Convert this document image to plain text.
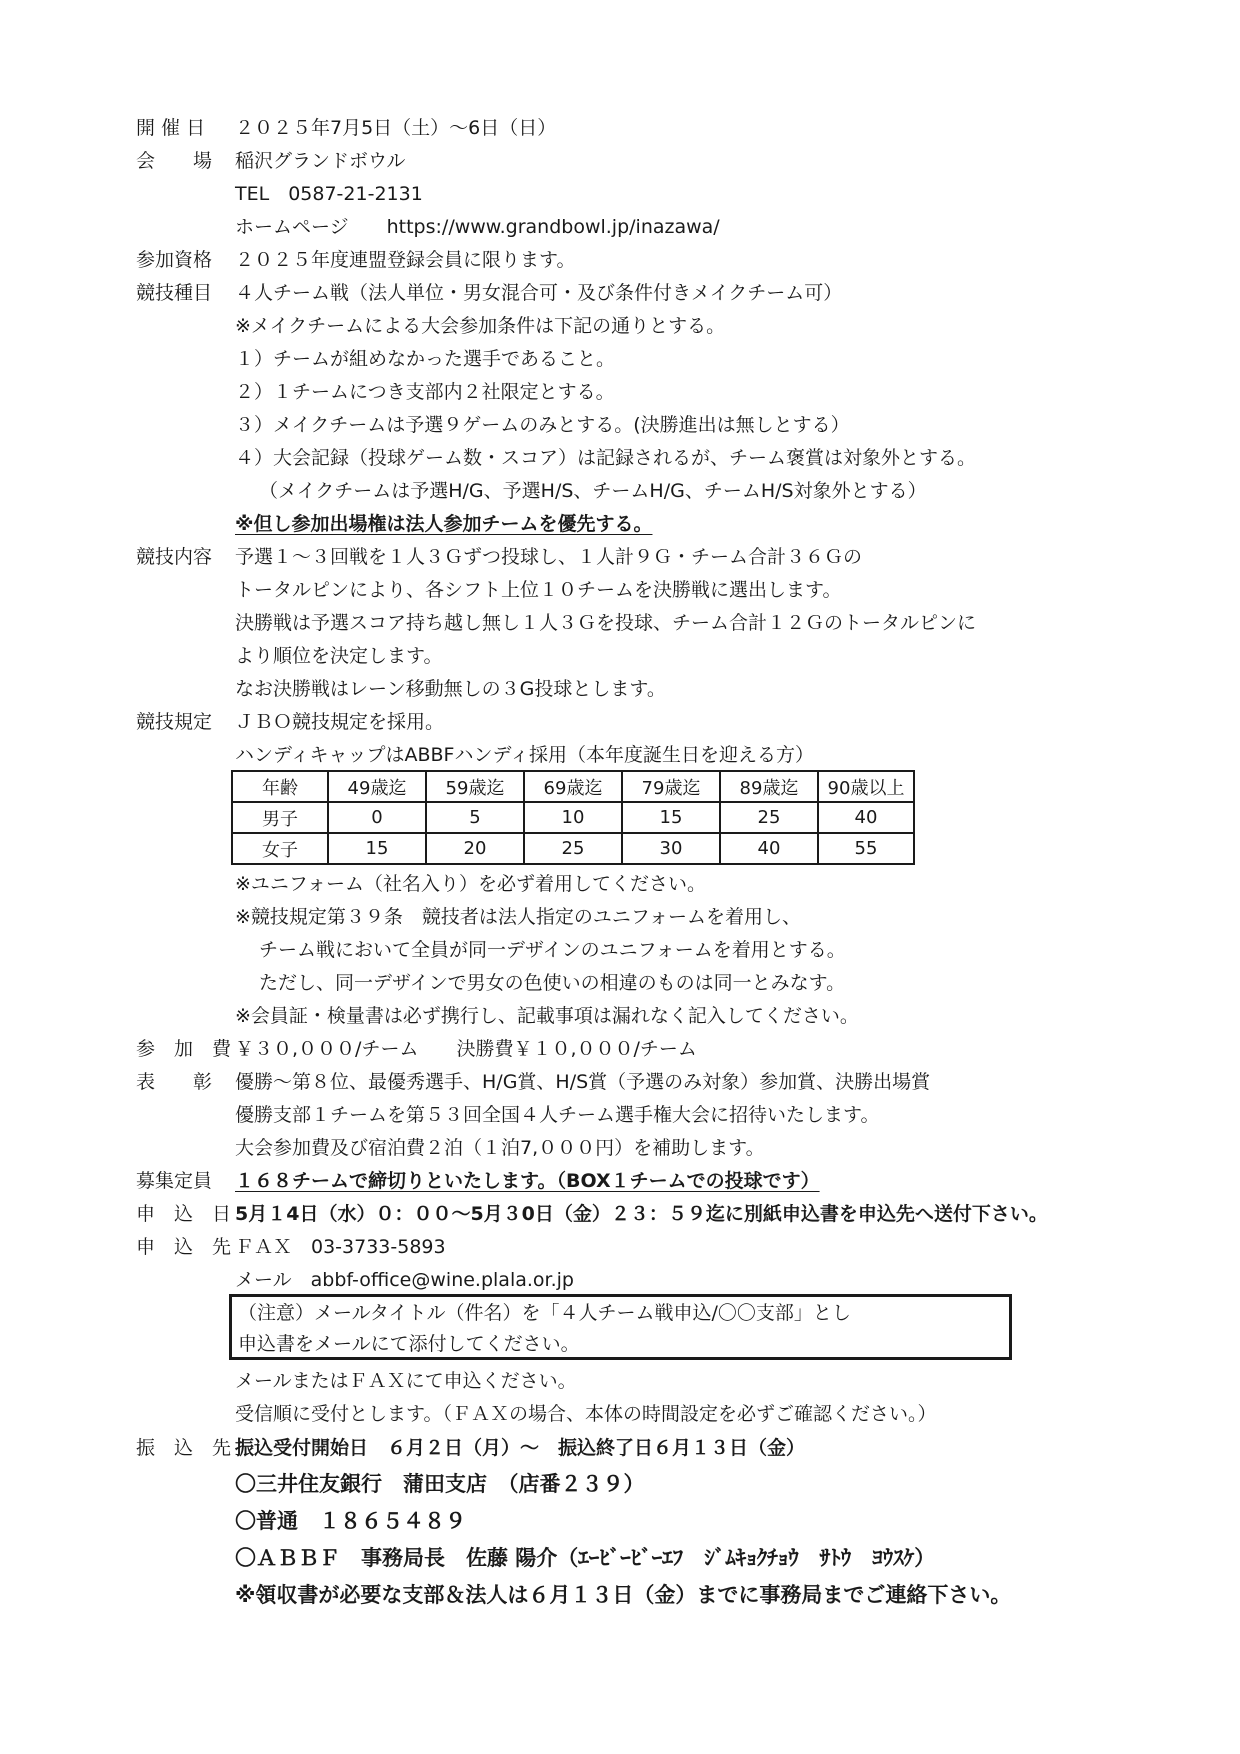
開 催 日	２０２５年7月5日（土）～6日（日）
会　　場	稲沢グランドボウル
TEL　0587-21-2131
ホームページ　　https://www.grandbowl.jp/inazawa/
参加資格	２０２５年度連盟登録会員に限ります。
競技種目	４人チーム戦（法人単位・男女混合可・及び条件付きメイクチーム可）
※メイクチームによる大会参加条件は下記の通りとする。
１）チームが組めなかった選手であること。
２）１チームにつき支部内２社限定とする。
３）メイクチームは予選９ゲームのみとする。(決勝進出は無しとする）
４）大会記録（投球ゲーム数・スコア）は記録されるが、チーム褒賞は対象外とする。
（メイクチームは予選H/G、予選H/S、チームH/G、チームH/S対象外とする）
※但し参加出場権は法人参加チームを優先する。
競技内容	予選１～３回戦を１人３Ｇずつ投球し、１人計９Ｇ・チーム合計３６Ｇの
トータルピンにより、各シフト上位１０チームを決勝戦に選出します。
決勝戦は予選スコア持ち越し無し１人３Ｇを投球、チーム合計１２Ｇのトータルピンに
より順位を決定します。
なお決勝戦はレーン移動無しの３G投球とします。
競技規定	ＪＢＯ競技規定を採用。
ハンディキャップはABBFハンディ採用（本年度誕生日を迎える方）
年齢	49歳迄	59歳迄	69歳迄	79歳迄	89歳迄	90歳以上
男子	0	5	10	15	25	40
女子	15	20	25	30	40	55
※ユニフォーム（社名入り）を必ず着用してください。
※競技規定第３９条　競技者は法人指定のユニフォームを着用し、
チーム戦において全員が同一デザインのユニフォームを着用とする。
ただし、同一デザインで男女の色使いの相違のものは同一とみなす。
※会員証・検量書は必ず携行し、記載事項は漏れなく記入してください。
参　加　費 ￥３０,０００/チーム　　決勝費￥１０,０００/チーム
表　　彰	優勝～第８位、最優秀選手、H/G賞、H/S賞（予選のみ対象）参加賞、決勝出場賞
優勝支部１チームを第５３回全国４人チーム選手権大会に招待いたします。
大会参加費及び宿泊費２泊（１泊7,０００円）を補助します。
募集定員	１６８チームで締切りといたします。（BOX１チームでの投球です）
申　込　日 5月１4日（水）０：００～5月３0日（金）２３：５９迄に別紙申込書を申込先へ送付下さい。
申　込　先 ＦＡＸ　03-3733-5893
メール　abbf-office@wine.plala.or.jp
（注意）メールタイトル（件名）を「４人チーム戦申込/〇〇支部」とし
申込書をメールにて添付してください。
メールまたはＦＡＸにて申込ください。
受信順に受付とします。（ＦＡＸの場合、本体の時間設定を必ずご確認ください。）
振　込　先 振込受付開始日　６月２日（月）～　振込終了日６月１３日（金）
〇三井住友銀行　蒲田支店　（店番２３９）
〇普通　１８６５４８９
〇ＡＢＢＦ　事務局長　佐藤 陽介（ｴｰﾋﾞｰﾋﾞｰｴﾌ　ｼﾞﾑｷｮｸﾁｮｳ　ｻﾄｳ　ﾖｳｽｹ）
※領収書が必要な支部＆法人は６月１３日（金）までに事務局までご連絡下さい。
